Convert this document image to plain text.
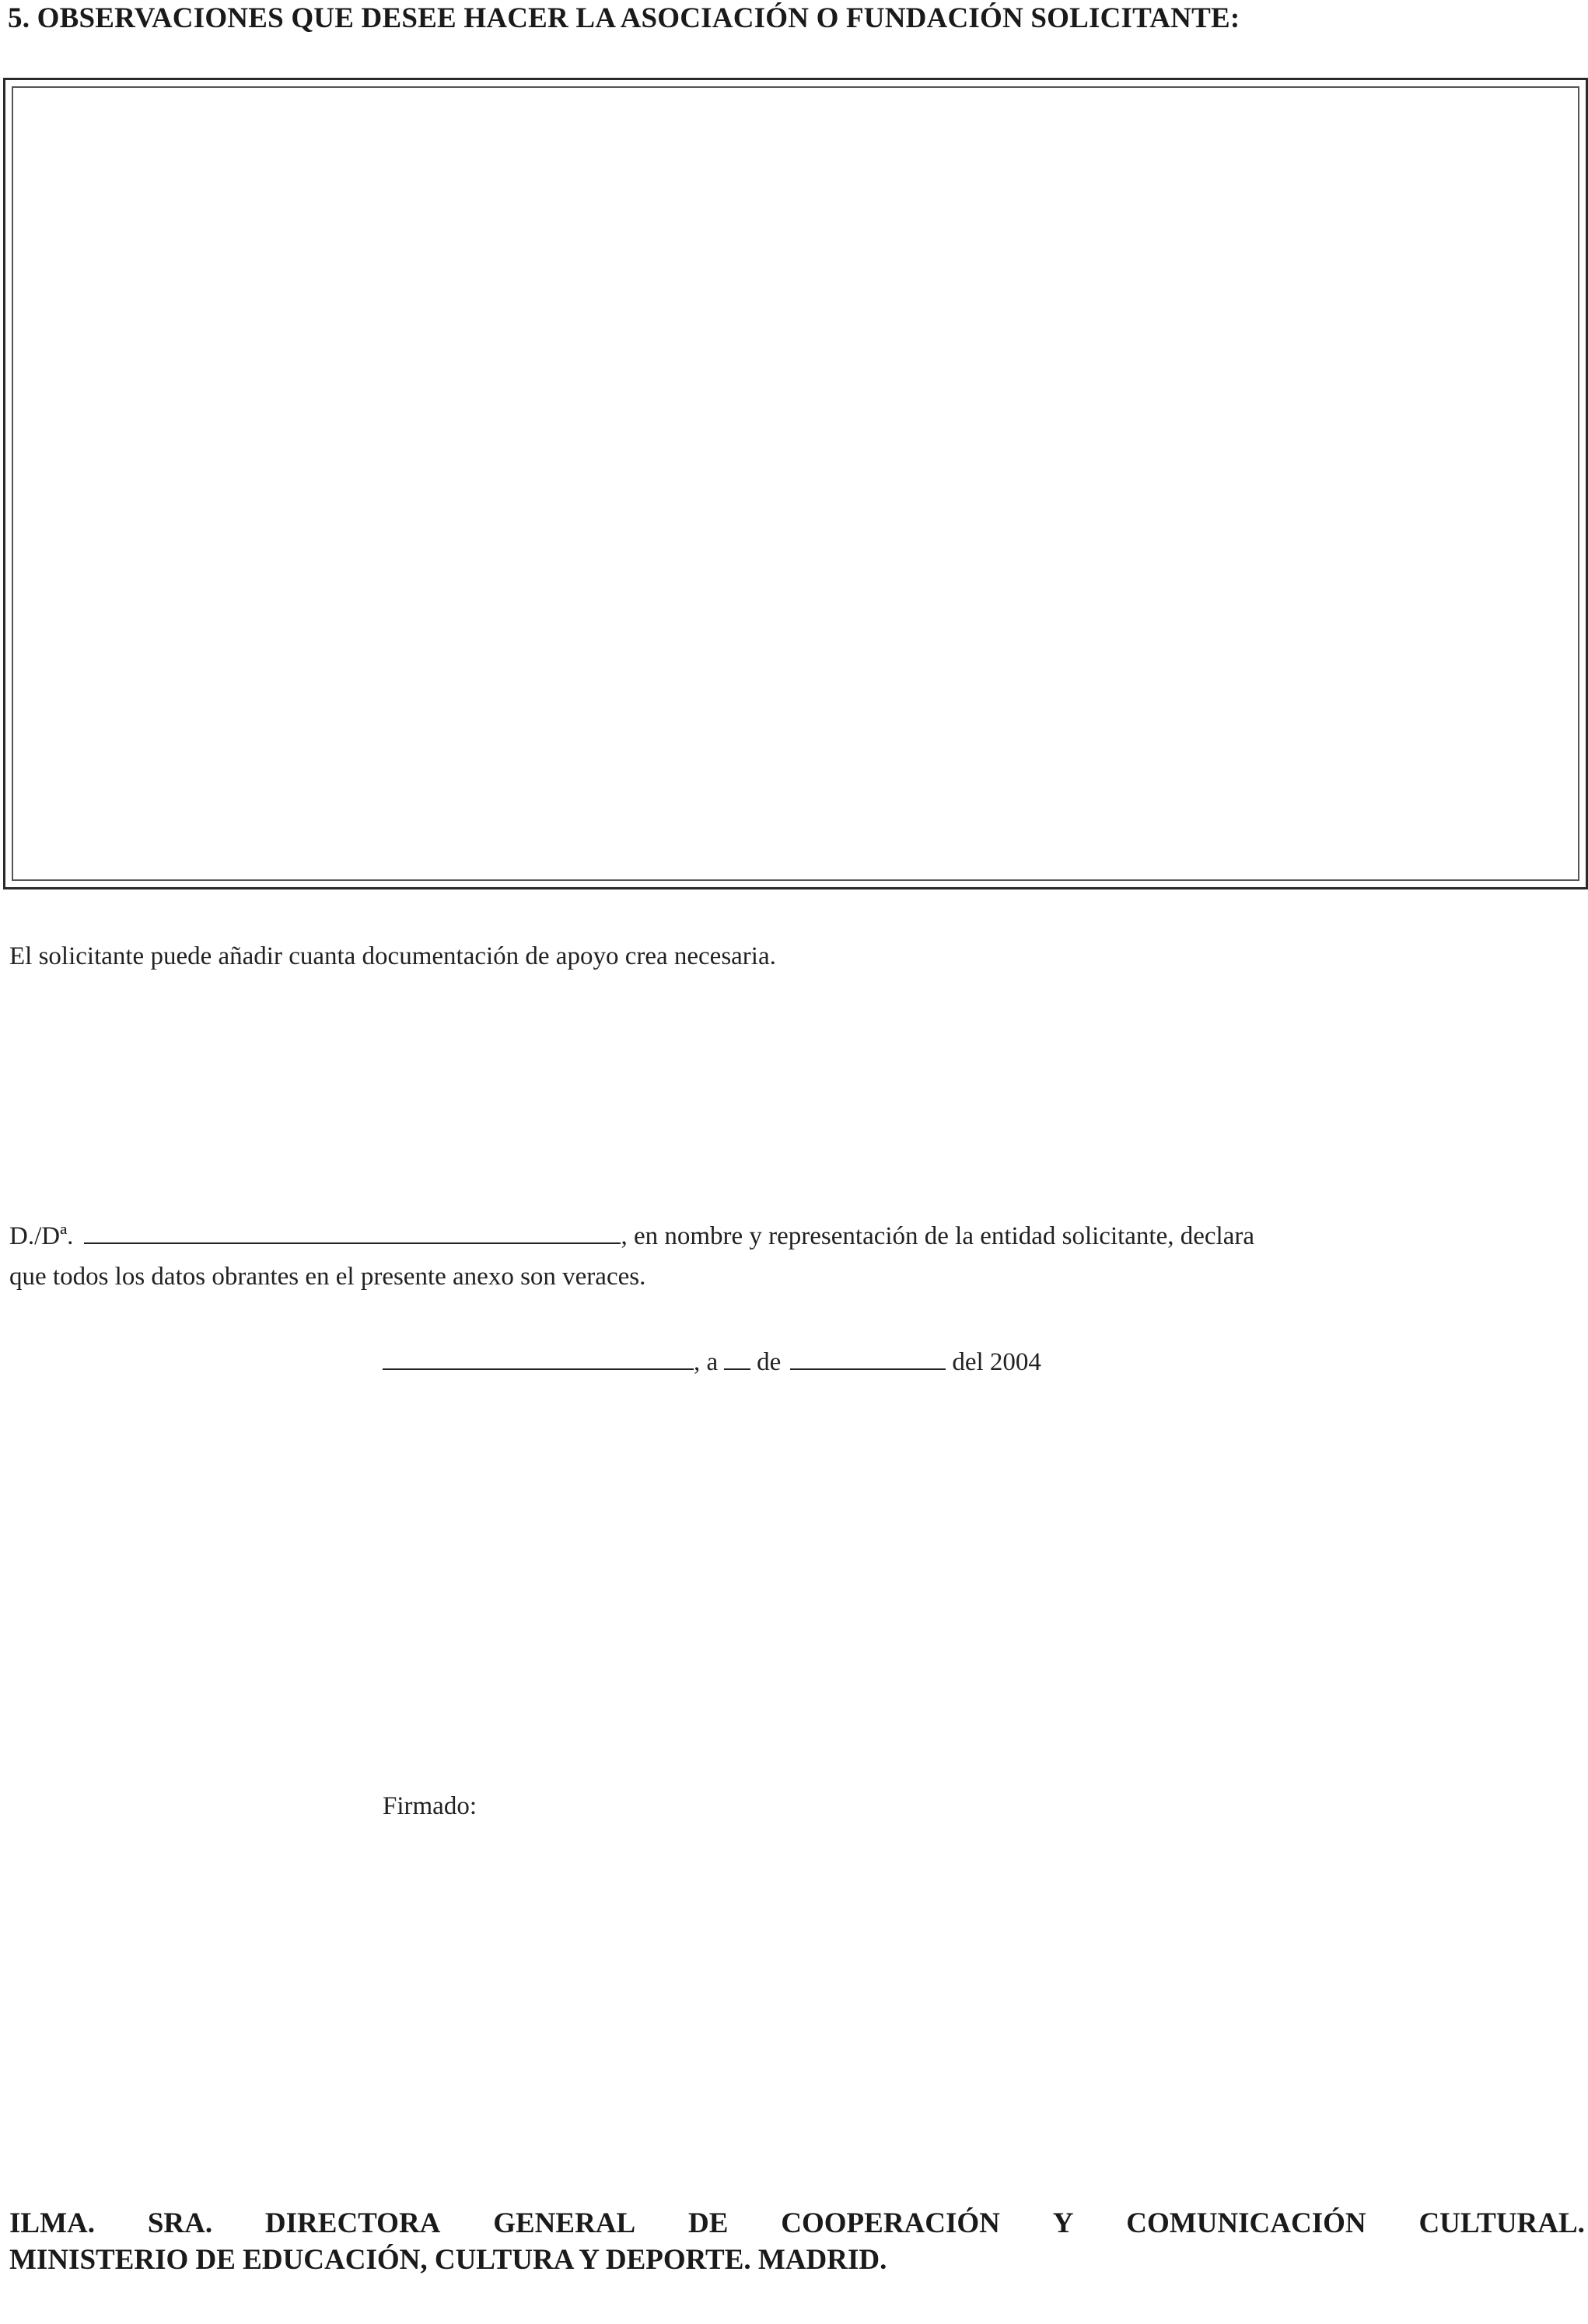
5. OBSERVACIONES QUE DESEE HACER LA ASOCIACIÓN O FUNDACIÓN SOLICITANTE:
El solicitante puede añadir cuanta documentación de apoyo crea necesaria.
D./Dª.	, en nombre y representación de la entidad solicitante, declara
que todos los datos obrantes en el presente anexo son veraces.
, a de	del 2004
Firmado:
ILMA. SRA. DIRECTORA GENERAL DE COOPERACIÓN Y COMUNICACIÓN CULTURAL.
MINISTERIO DE EDUCACIÓN, CULTURA Y DEPORTE. MADRID.
